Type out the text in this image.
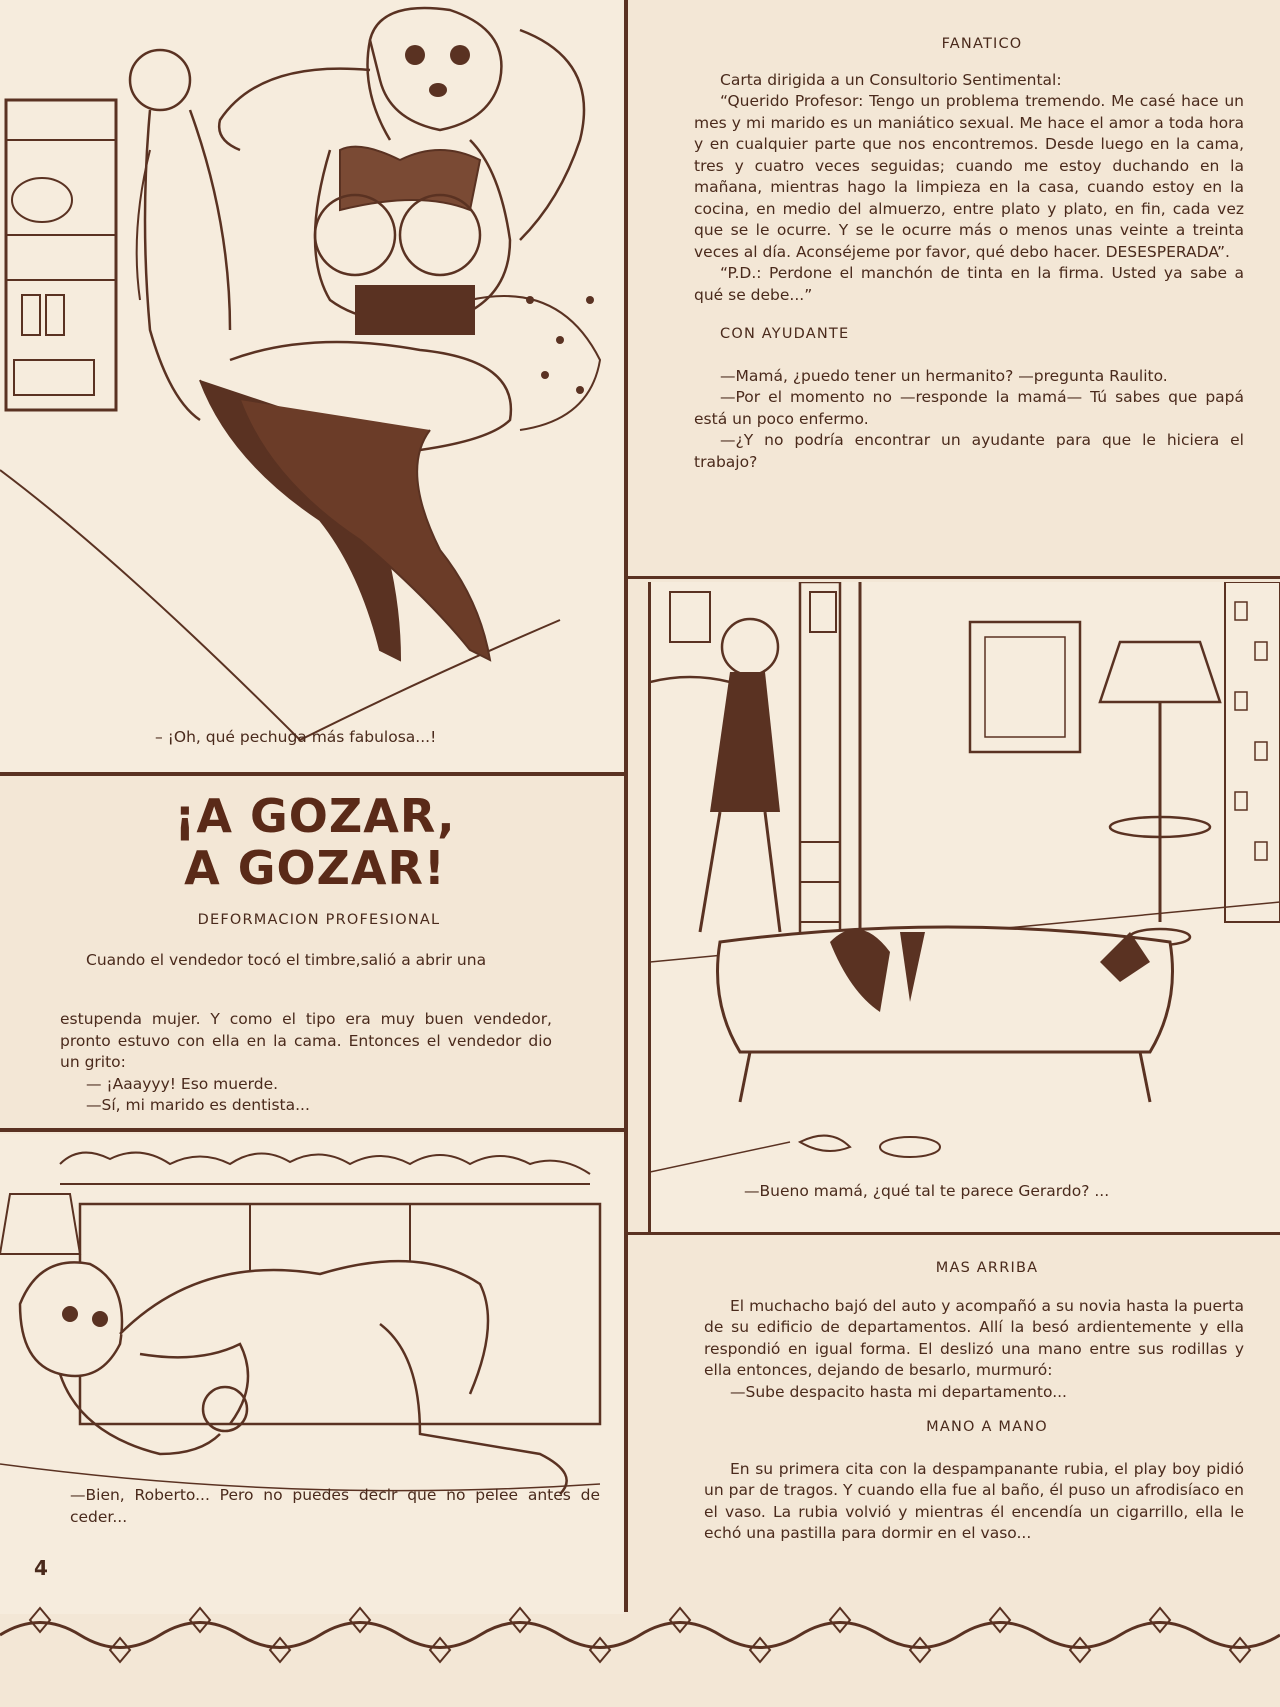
– ¡Oh, qué pechuga más fabulosa...!

FANATICO

Carta dirigida a un Consultorio Sentimental:

“Querido Profesor: Tengo un problema tremendo. Me casé hace un mes y mi marido es un maniático sexual. Me hace el amor a toda hora y en cualquier parte que nos encontremos. Desde luego en la cama, tres y cuatro veces seguidas; cuando me estoy duchando en la mañana, mientras hago la limpieza en la casa, cuando estoy en la cocina, en medio del almuerzo, entre plato y plato, en fin, cada vez que se le ocurre. Y se le ocurre más o menos unas veinte a treinta veces al día. Aconséjeme por favor, qué debo hacer. DESESPERADA”.

“P.D.: Perdone el manchón de tinta en la firma. Usted ya sabe a qué se debe...”

CON AYUDANTE

—Mamá, ¿puedo tener un hermanito? —pregunta Raulito.

—Por el momento no —responde la mamá— Tú sabes que papá está un poco enfermo.

—¿Y no podría encontrar un ayudante para que le hiciera el trabajo?

¡A GOZAR,
A GOZAR!

DEFORMACION PROFESIONAL

Cuando el vendedor tocó el timbre,salió a abrir una

estupenda mujer. Y como el tipo era muy buen vendedor, pronto estuvo con ella en la cama. Entonces el vendedor dio un grito:

— ¡Aaayyy! Eso muerde.

—Sí, mi marido es dentista...

—Bueno mamá, ¿qué tal te parece Gerardo? ...
—Bien, Roberto... Pero no puedes decir que no pelee antes de ceder...

MAS ARRIBA

El muchacho bajó del auto y acompañó a su novia hasta la puerta de su edificio de departamentos. Allí la besó ardientemente y ella respondió en igual forma. El deslizó una mano entre sus rodillas y ella entonces, dejando de besarlo, murmuró:

—Sube despacito hasta mi departamento...

MANO A MANO

En su primera cita con la despampanante rubia, el play boy pidió un par de tragos. Y cuando ella fue al baño, él puso un afrodisíaco en el vaso. La rubia volvió y mientras él encendía un cigarrillo, ella le echó una pastilla para dormir en el vaso...

4
